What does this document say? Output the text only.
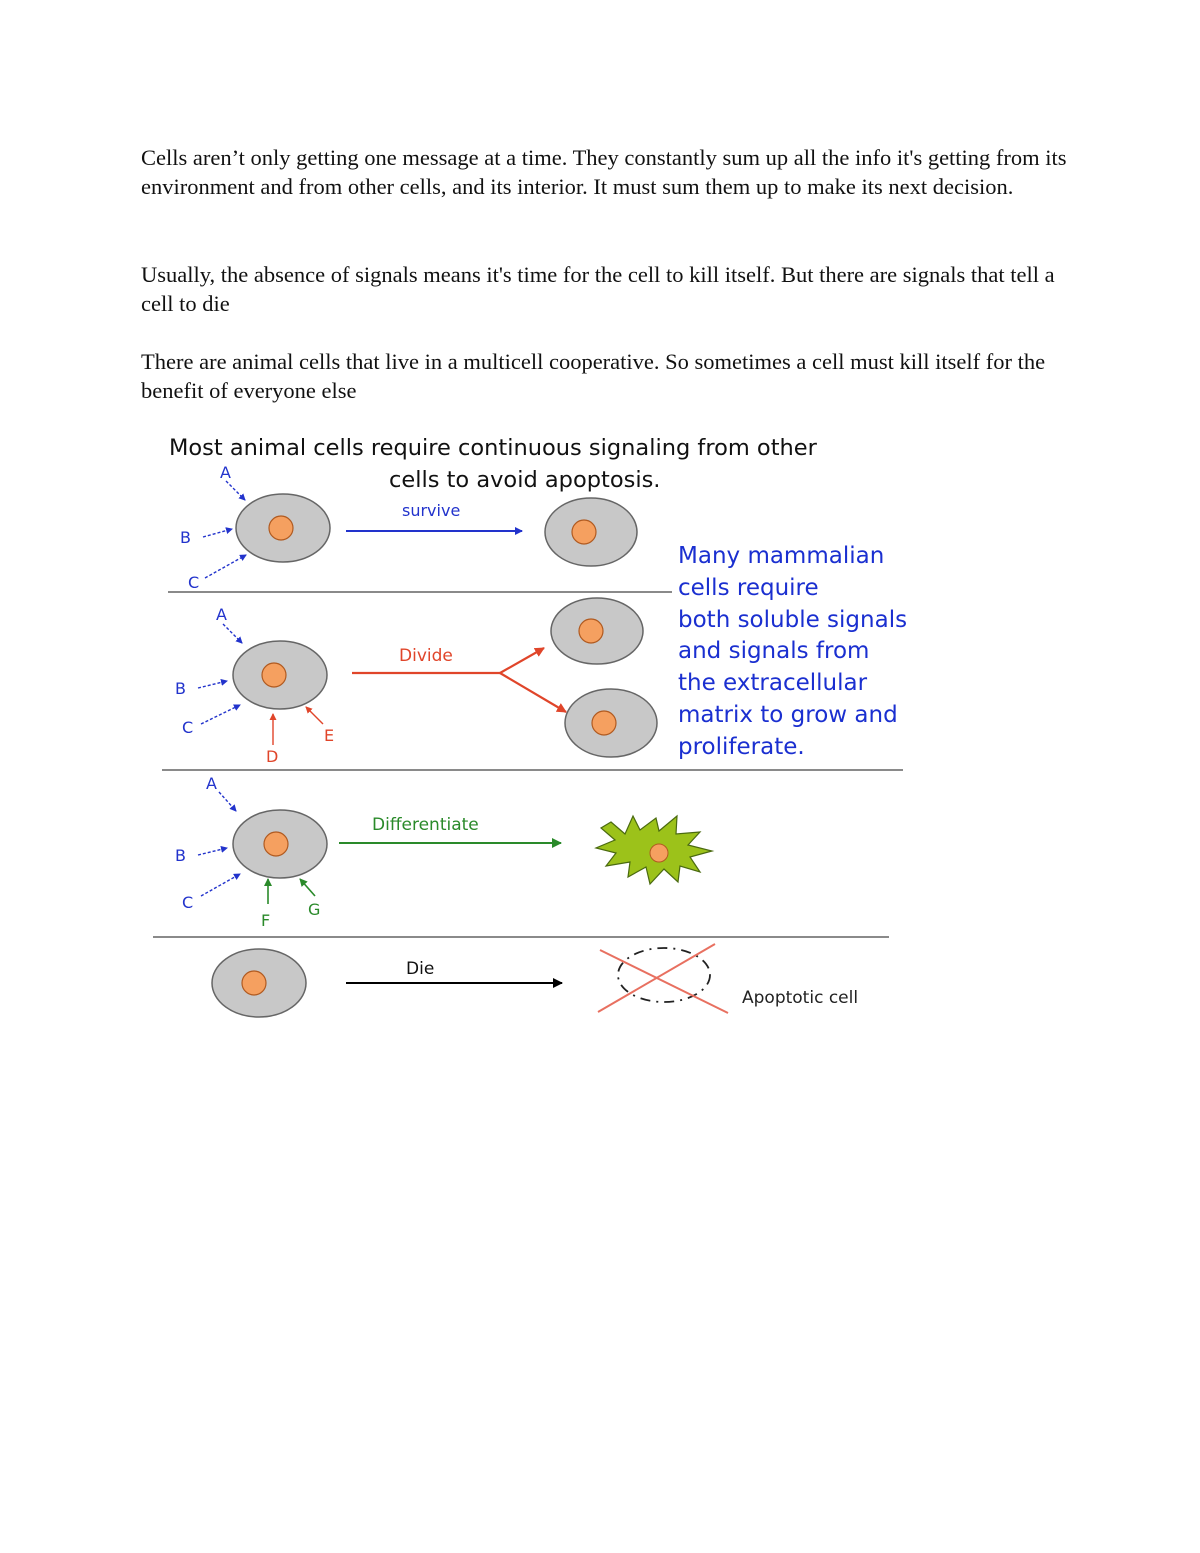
Cells aren’t only getting one message at a time. They constantly sum up all the info it's getting from its environment and from other cells, and its interior. It must sum them up to make its next decision.

Usually, the absence of signals means it's time for the cell to kill itself. But there are signals that tell a cell to die

There are animal cells that live in a multicell cooperative. So sometimes a cell must kill itself for the benefit of everyone else

Most animal cells require continuous signaling from other
cells to avoid apoptosis.
A
B
C
survive
Many mammalian
cells require
both soluble signals
and signals from
the extracellular
matrix to grow and
proliferate.
A
B
C
D
E
Divide
A
B
C
F
G
Differentiate
Die
Apoptotic cell
